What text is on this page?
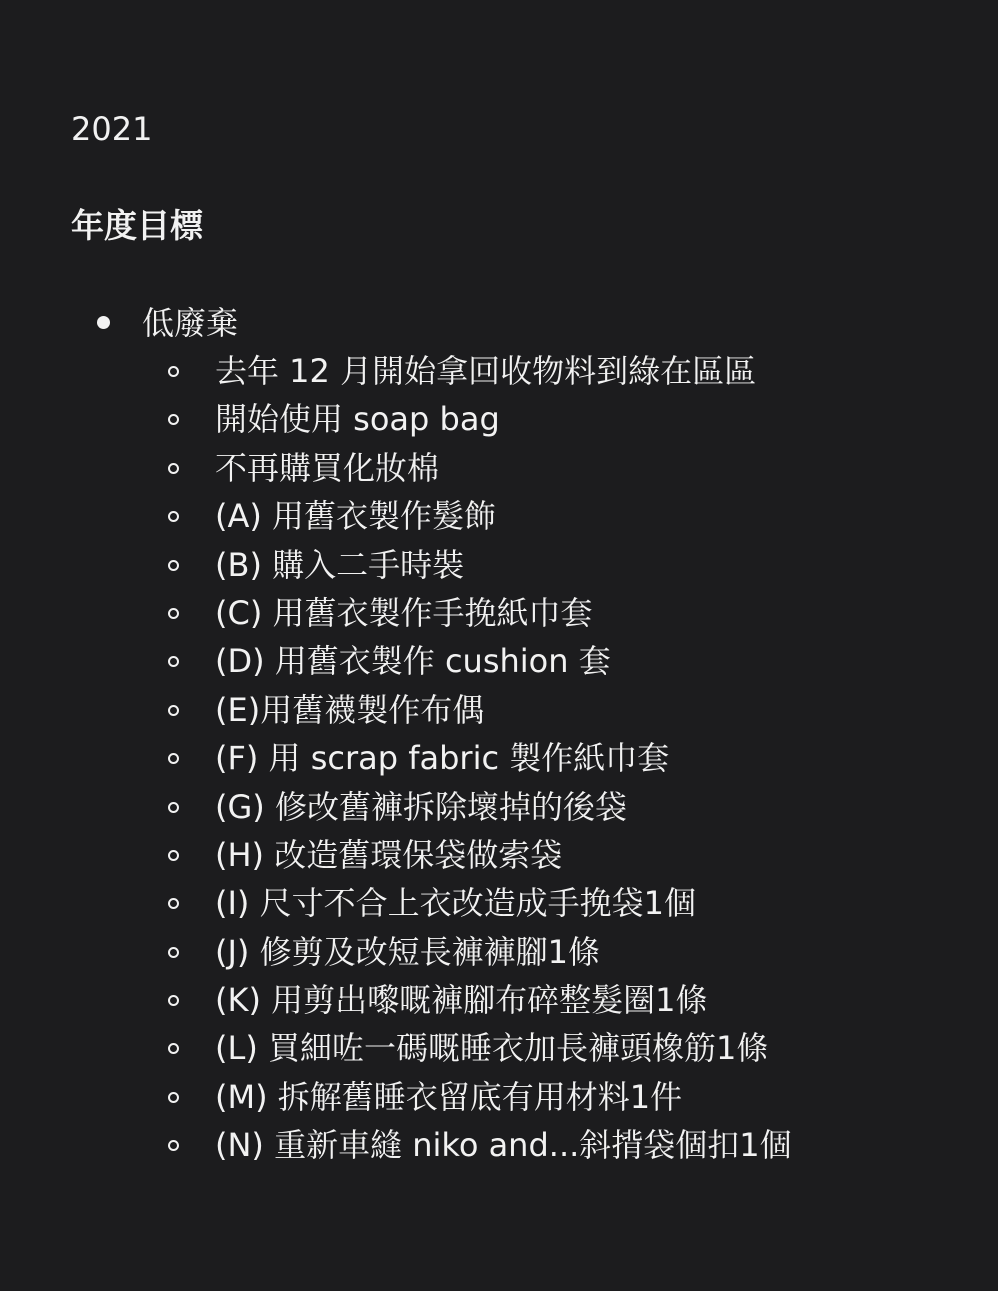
2021
年度目標
低廢棄
去年 12 月開始拿回收物料到綠在區區
開始使用 soap bag
不再購買化妝棉
(A) 用舊衣製作髮飾
(B) 購入二手時裝
(C) 用舊衣製作手挽紙巾套
(D) 用舊衣製作 cushion 套
(E)用舊襪製作布偶
(F) 用 scrap fabric 製作紙巾套
(G) 修改舊褲拆除壞掉的後袋
(H) 改造舊環保袋做索袋
(I) 尺寸不合上衣改造成手挽袋1個
(J) 修剪及改短長褲褲腳1條
(K) 用剪出嚟嘅褲腳布碎整髮圈1條
(L) 買細咗一碼嘅睡衣加長褲頭橡筋1條
(M) 拆解舊睡衣留底有用材料1件
(N) 重新車縫 niko and...斜揹袋個扣1個
